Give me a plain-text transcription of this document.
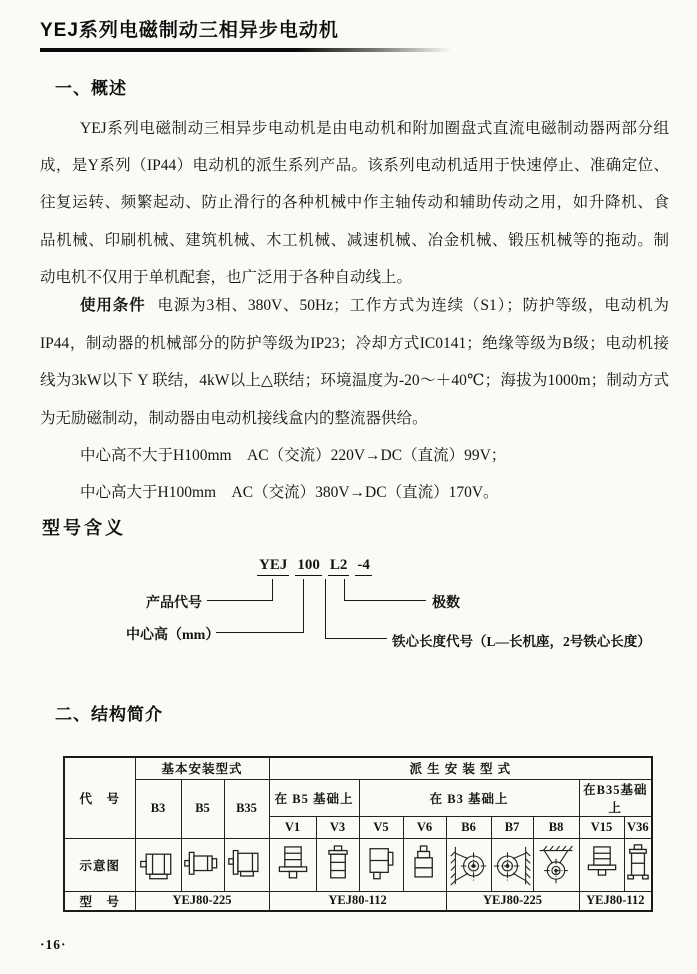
YEJ系列电磁制动三相异步电动机
一、概述
YEJ系列电磁制动三相异步电动机是由电动机和附加圈盘式直流电磁制动器两部分组
成，是Y系列（IP44）电动机的派生系列产品。该系列电动机适用于快速停止、准确定位、
往复运转、频繁起动、防止滑行的各种机械中作主轴传动和辅助传动之用，如升降机、食
品机械、印刷机械、建筑机械、木工机械、减速机械、冶金机械、锻压机械等的拖动。制
动电机不仅用于单机配套，也广泛用于各种自动线上。
使用条件 电源为3相、380V、50Hz；工作方式为连续（S1）；防护等级，电动机为
IP44，制动器的机械部分的防护等级为IP23；冷却方式IC0141；绝缘等级为B级；电动机接
线为3kW以下 Y 联结，4kW以上△联结；环境温度为-20～＋40℃；海拔为1000m；制动方式
为无励磁制动，制动器由电动机接线盒内的整流器供给。
中心高不大于H100mm　AC（交流）220V→DC（直流）99V；
中心高大于H100mm　AC（交流）380V→DC（直流）170V。
型号含义
YEJ 100 L2 -4
产品代号	极数
中心高（mm）	铁心长度代号（L—长机座，2号铁心长度）
二、结构简介
代　号	基本安装型式			派 生 安 装 型 式								
	B3	B5	B35	在 B5 基础上		在 B3 基础上					在B35基础上	
				V1	V3	V5	V6	B6	B7	B8	V15	V36
示意图	

型　号	YEJ80-225			YEJ80-112				YEJ80-225			YEJ80-112	
·16·
